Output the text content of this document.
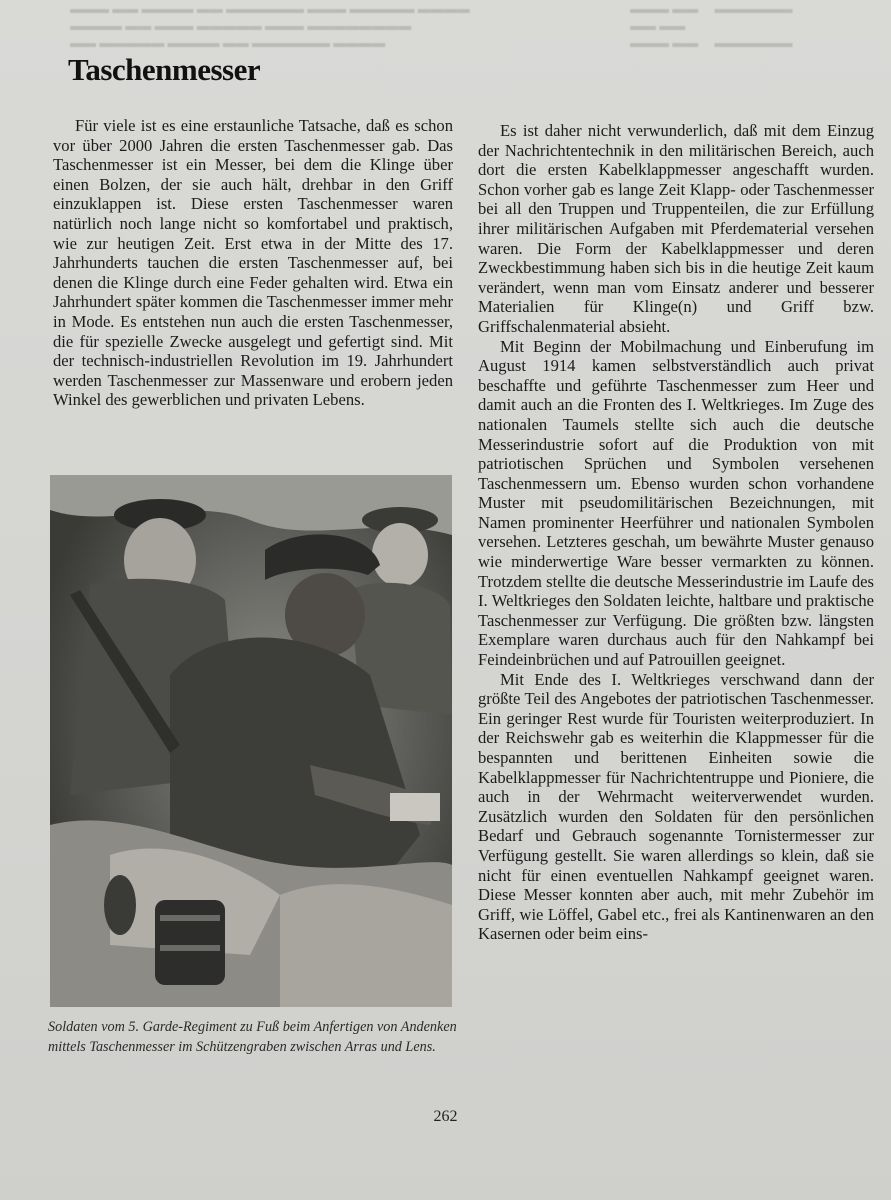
▬▬▬ ▬▬ ▬▬▬▬ ▬▬ ▬▬▬▬▬▬ ▬▬▬ ▬▬▬▬▬ ▬▬▬▬
▬▬▬▬ ▬▬ ▬▬▬ ▬▬▬▬▬ ▬▬▬ ▬▬▬▬▬▬▬▬
▬▬ ▬▬▬▬▬ ▬▬▬▬ ▬▬ ▬▬▬▬▬▬ ▬▬▬▬
▬▬▬ ▬▬     ▬▬▬▬▬▬
▬▬ ▬▬
▬▬▬ ▬▬     ▬▬▬▬▬▬
Taschenmesser

Für viele ist es eine erstaunliche Tatsache, daß es schon vor über 2000 Jahren die ersten Taschenmesser gab. Das Taschenmesser ist ein Messer, bei dem die Klinge über einen Bolzen, der sie auch hält, drehbar in den Griff einzuklappen ist. Diese ersten Taschenmesser waren natürlich noch lange nicht so komfortabel und praktisch, wie zur heutigen Zeit. Erst etwa in der Mitte des 17. Jahrhunderts tauchen die ersten Taschenmesser auf, bei denen die Klinge durch eine Feder gehalten wird. Etwa ein Jahrhundert später kommen die Taschenmesser immer mehr in Mode. Es entstehen nun auch die ersten Taschenmesser, die für spezielle Zwecke ausgelegt und gefertigt sind. Mit der technisch-industriellen Revolution im 19. Jahrhundert werden Taschenmesser zur Massenware und erobern jeden Winkel des gewerblichen und privaten Lebens.

Soldaten vom 5. Garde-Regiment zu Fuß beim Anfertigen von Andenken mittels Taschenmesser im Schützengraben zwischen Arras und Lens.

Es ist daher nicht verwunderlich, daß mit dem Einzug der Nachrichtentechnik in den militärischen Bereich, auch dort die ersten Kabelklappmesser angeschafft wurden. Schon vorher gab es lange Zeit Klapp- oder Taschenmesser bei all den Truppen und Truppenteilen, die zur Erfüllung ihrer militärischen Aufgaben mit Pferdematerial versehen waren. Die Form der Kabelklappmesser und deren Zweckbestimmung haben sich bis in die heutige Zeit kaum verändert, wenn man vom Einsatz anderer und besserer Materialien für Klinge(n) und Griff bzw. Griffschalenmaterial absieht.

Mit Beginn der Mobilmachung und Einberufung im August 1914 kamen selbstverständlich auch privat beschaffte und geführte Taschenmesser zum Heer und damit auch an die Fronten des I. Weltkrieges. Im Zuge des nationalen Taumels stellte sich auch die deutsche Messerindustrie sofort auf die Produktion von mit patriotischen Sprüchen und Symbolen versehenen Taschenmessern um. Ebenso wurden schon vorhandene Muster mit pseudomilitärischen Bezeichnungen, mit Namen prominenter Heerführer und nationalen Symbolen versehen. Letzteres geschah, um bewährte Muster genauso wie minderwertige Ware besser vermarkten zu können. Trotzdem stellte die deutsche Messerindustrie im Laufe des I. Weltkrieges den Soldaten leichte, haltbare und praktische Taschenmesser zur Verfügung. Die größten bzw. längsten Exemplare waren durchaus auch für den Nahkampf bei Feindeinbrüchen und auf Patrouillen geeignet.

Mit Ende des I. Weltkrieges verschwand dann der größte Teil des Angebotes der patriotischen Taschenmesser. Ein geringer Rest wurde für Touristen weiterproduziert. In der Reichswehr gab es weiterhin die Klappmesser für die bespannten und berittenen Einheiten sowie die Kabelklappmesser für Nachrichtentruppe und Pioniere, die auch in der Wehrmacht weiterverwendet wurden. Zusätzlich wurden den Soldaten für den persönlichen Bedarf und Gebrauch sogenannte Tornistermesser zur Verfügung gestellt. Sie waren allerdings so klein, daß sie nicht für einen eventuellen Nahkampf geeignet waren. Diese Messer konnten aber auch, mit mehr Zubehör im Griff, wie Löffel, Gabel etc., frei als Kantinenwaren an den Kasernen oder beim eins-

262
